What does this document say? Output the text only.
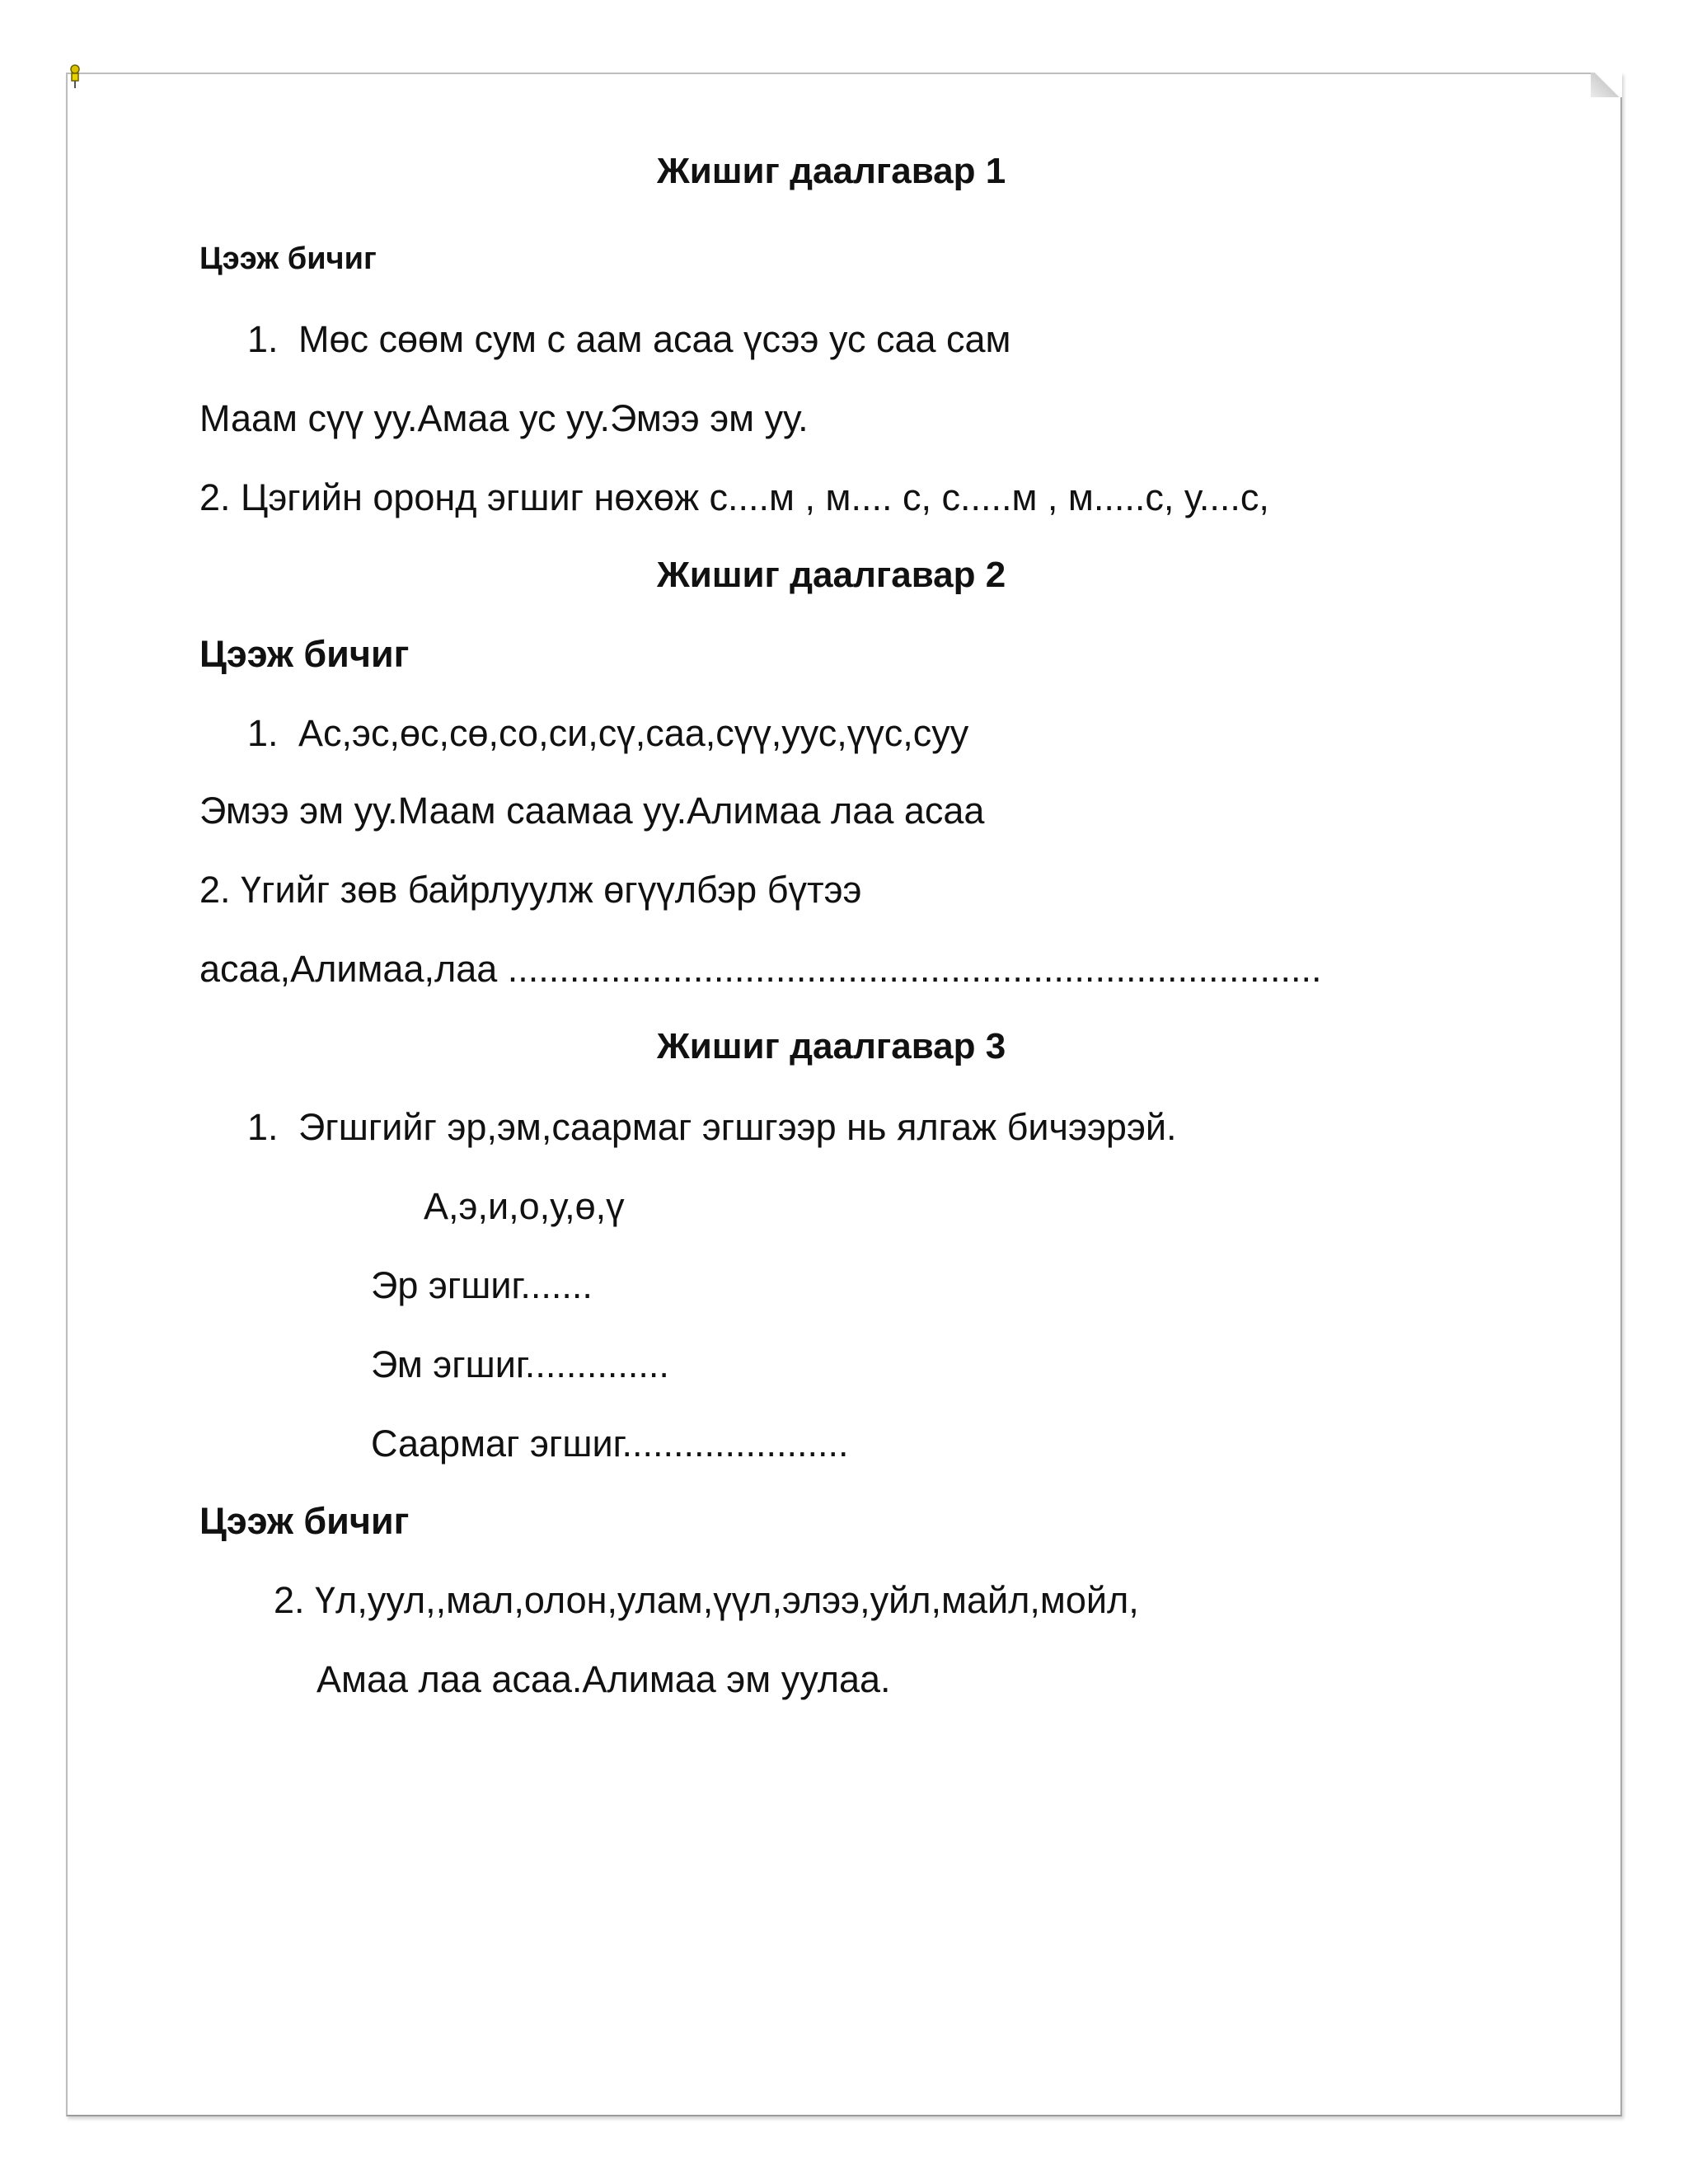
Жишиг даалгавар 1
Цээж бичиг
1. Мөс сөөм сум с аам асаа үсээ ус саа сам
Маам сүү уу.Амаа ус уу.Эмээ эм уу.
2. Цэгийн оронд эгшиг нөхөж с....м , м.... с, с.....м , м.....с, у....с,
Жишиг даалгавар 2
Цээж бичиг
1. Ас,эс,өс,сө,со,си,сү,саа,сүү,уус,үүс,суу
Эмээ эм уу.Маам саамаа уу.Алимаа лаа асаа
2. Үгийг зөв байрлуулж өгүүлбэр бүтээ
асаа,Алимаа,лаа ...............................................................................
Жишиг даалгавар 3
1. Эгшгийг эр,эм,саармаг эгшгээр нь ялгаж бичээрэй.
А,э,и,о,у,ө,ү
Эр эгшиг.......
Эм эгшиг..............
Саармаг эгшиг......................
Цээж бичиг
2. Үл,уул,,мал,олон,улам,үүл,элээ,уйл,майл,мойл,
Амаа лаа асаа.Алимаа эм уулаа.
